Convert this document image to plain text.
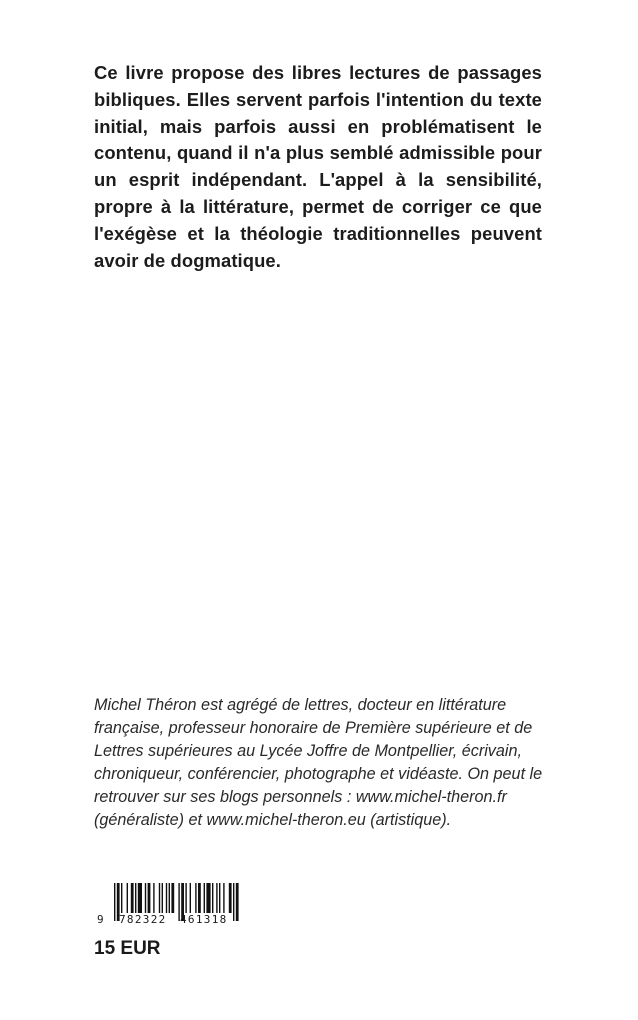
Ce livre propose des libres lectures de passages bibliques. Elles servent parfois l'intention du texte initial, mais parfois aussi en problématisent le contenu, quand il n'a plus semblé admissible pour un esprit indépendant. L'appel à la sensibilité, propre à la littérature, permet de corriger ce que l'exégèse et la théologie traditionnelles peuvent avoir de dogmatique.

Michel Théron est agrégé de lettres, docteur en littérature française, professeur honoraire de Première supérieure et de Lettres supérieures au Lycée Joffre de Montpellier, écrivain, chroniqueur, conférencier, photographe et vidéaste. On peut le retrouver sur ses blogs personnels : www.michel-theron.fr (généraliste) et www.michel-theron.eu (artistique).

9 782322 461318

15 EUR
